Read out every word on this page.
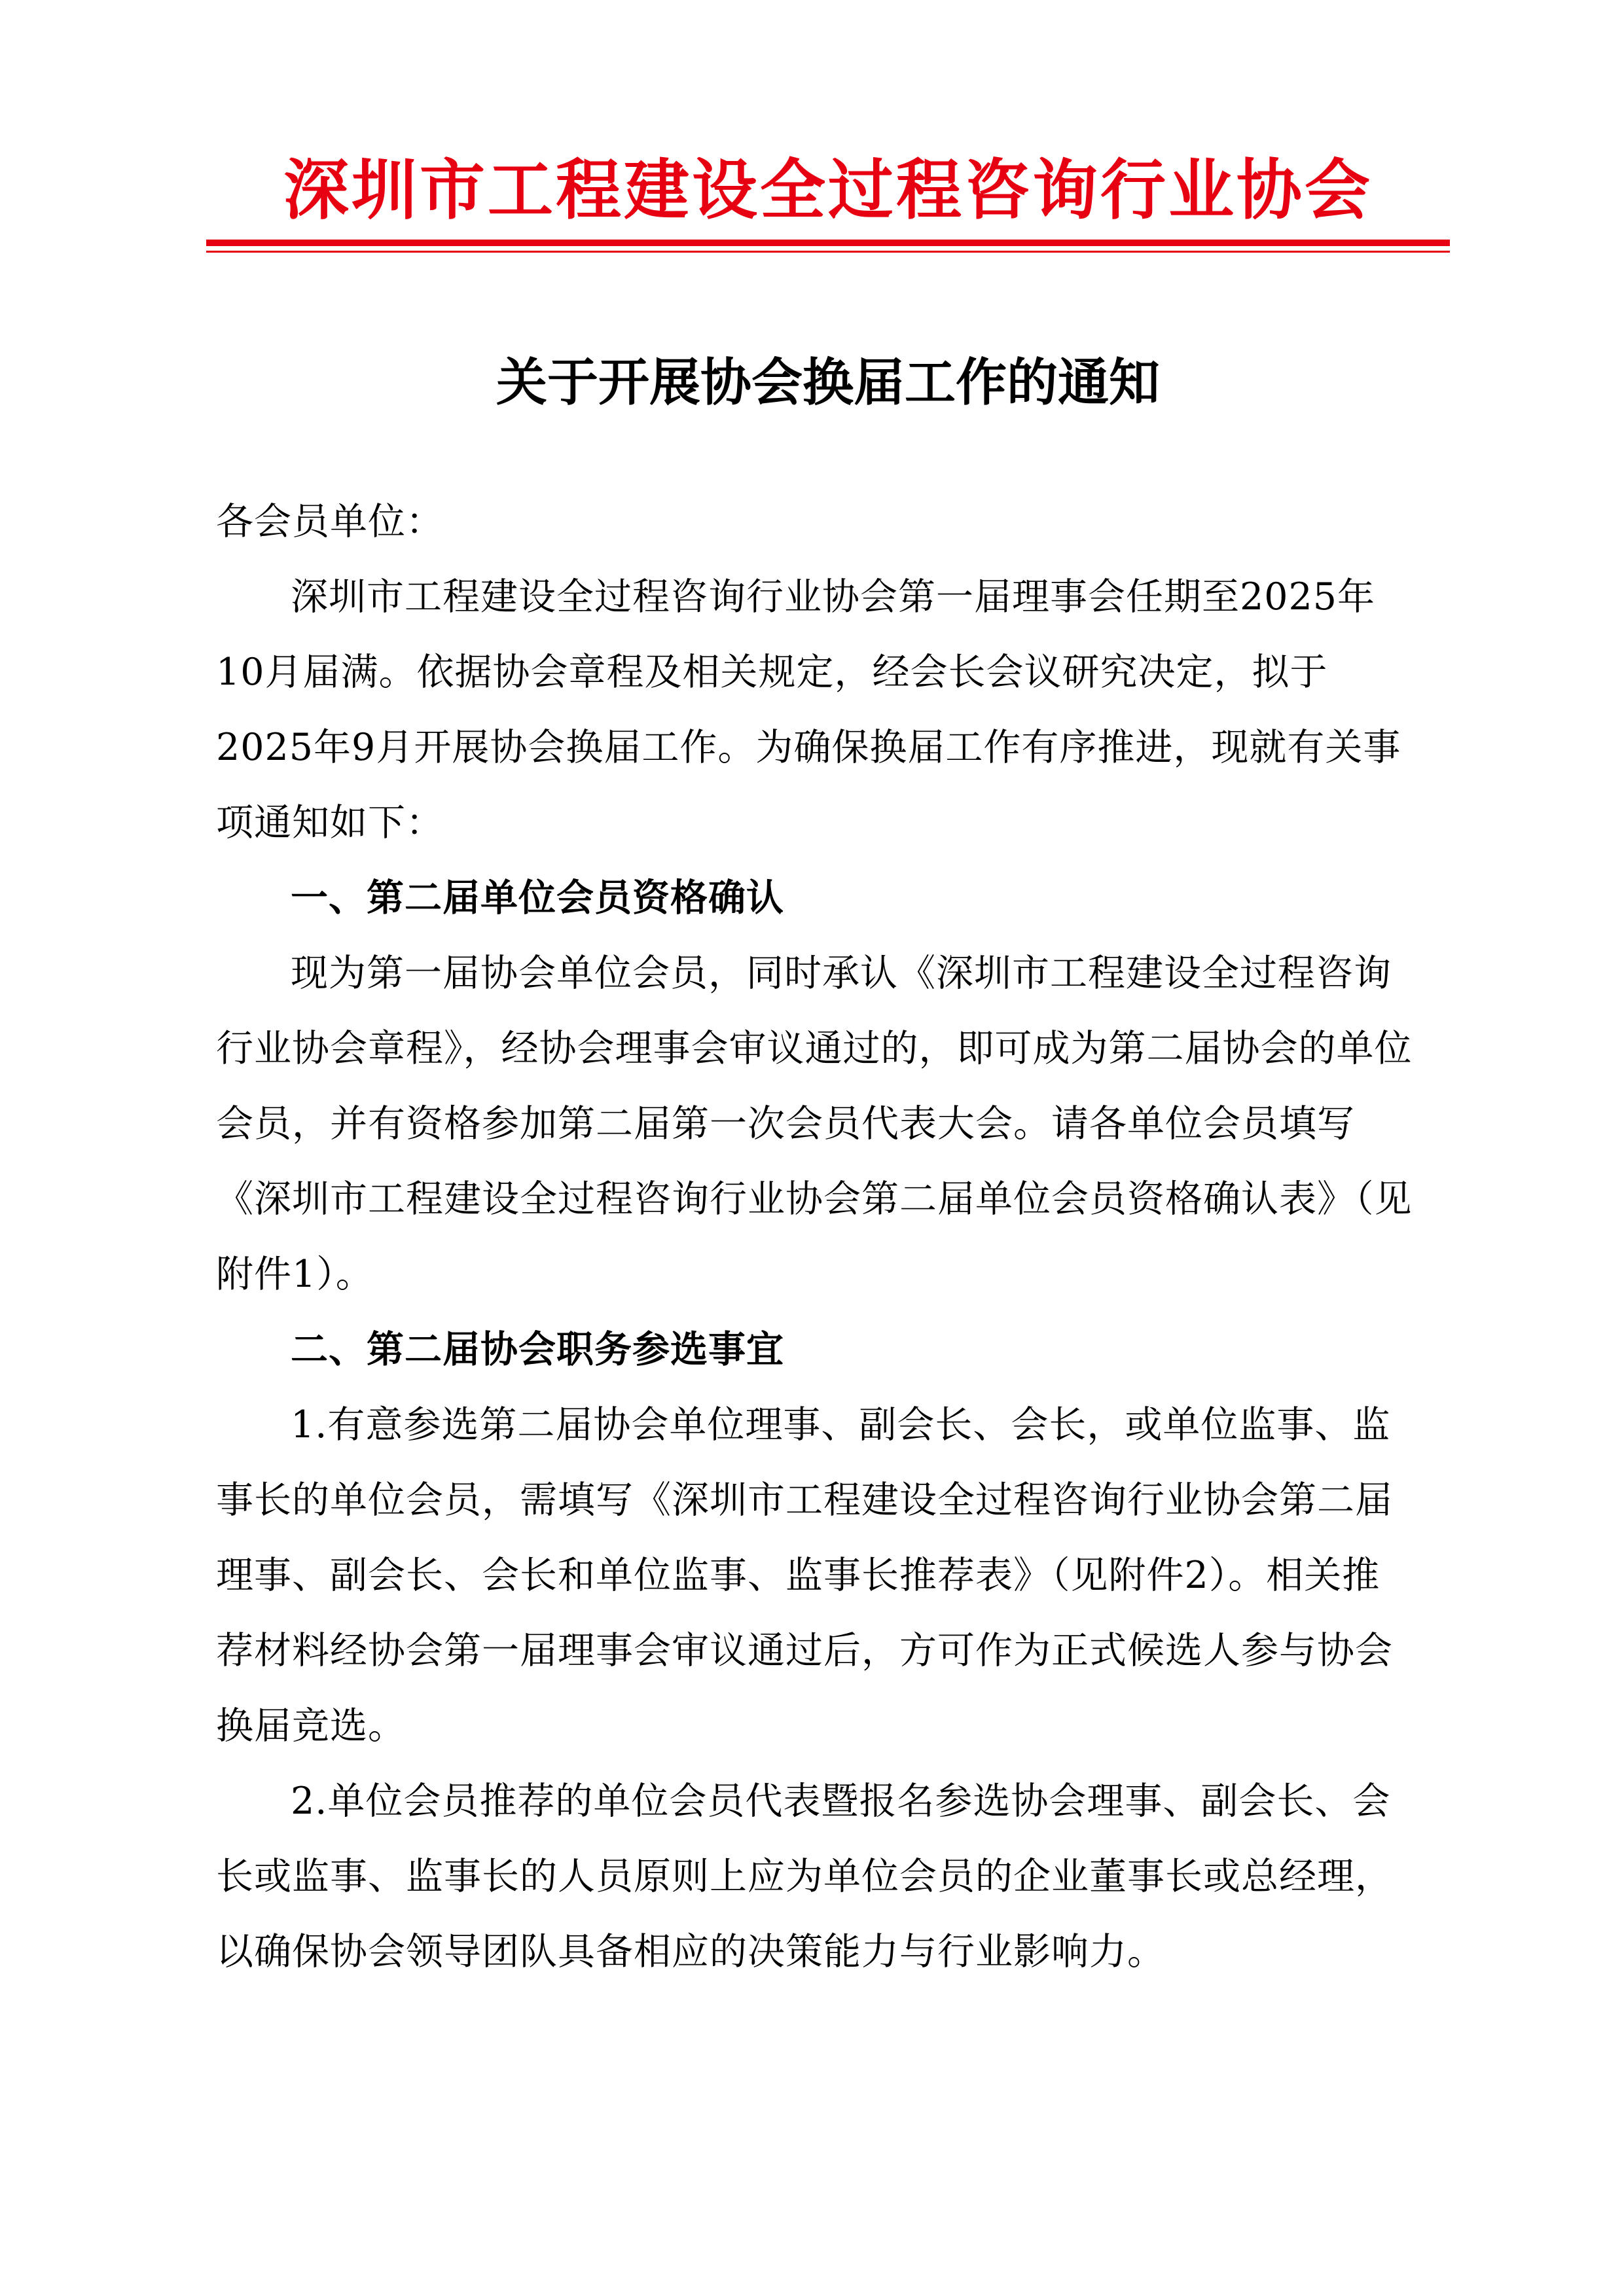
深圳市工程建设全过程咨询行业协会
关于开展协会换届工作的通知

各会员单位：

深圳市工程建设全过程咨询行业协会第一届理事会任期至2025年10月届满。依据协会章程及相关规定，经会长会议研究决定，拟于2025年9月开展协会换届工作。为确保换届工作有序推进，现就有关事项通知如下：

一、第二届单位会员资格确认

现为第一届协会单位会员，同时承认《深圳市工程建设全过程咨询行业协会章程》，经协会理事会审议通过的，即可成为第二届协会的单位会员，并有资格参加第二届第一次会员代表大会。请各单位会员填写《深圳市工程建设全过程咨询行业协会第二届单位会员资格确认表》（见附件1）。

二、第二届协会职务参选事宜

1.有意参选第二届协会单位理事、副会长、会长，或单位监事、监事长的单位会员，需填写《深圳市工程建设全过程咨询行业协会第二届理事、副会长、会长和单位监事、监事长推荐表》（见附件2）。相关推荐材料经协会第一届理事会审议通过后，方可作为正式候选人参与协会换届竞选。

2.单位会员推荐的单位会员代表暨报名参选协会理事、副会长、会长或监事、监事长的人员原则上应为单位会员的企业董事长或总经理，以确保协会领导团队具备相应的决策能力与行业影响力。
